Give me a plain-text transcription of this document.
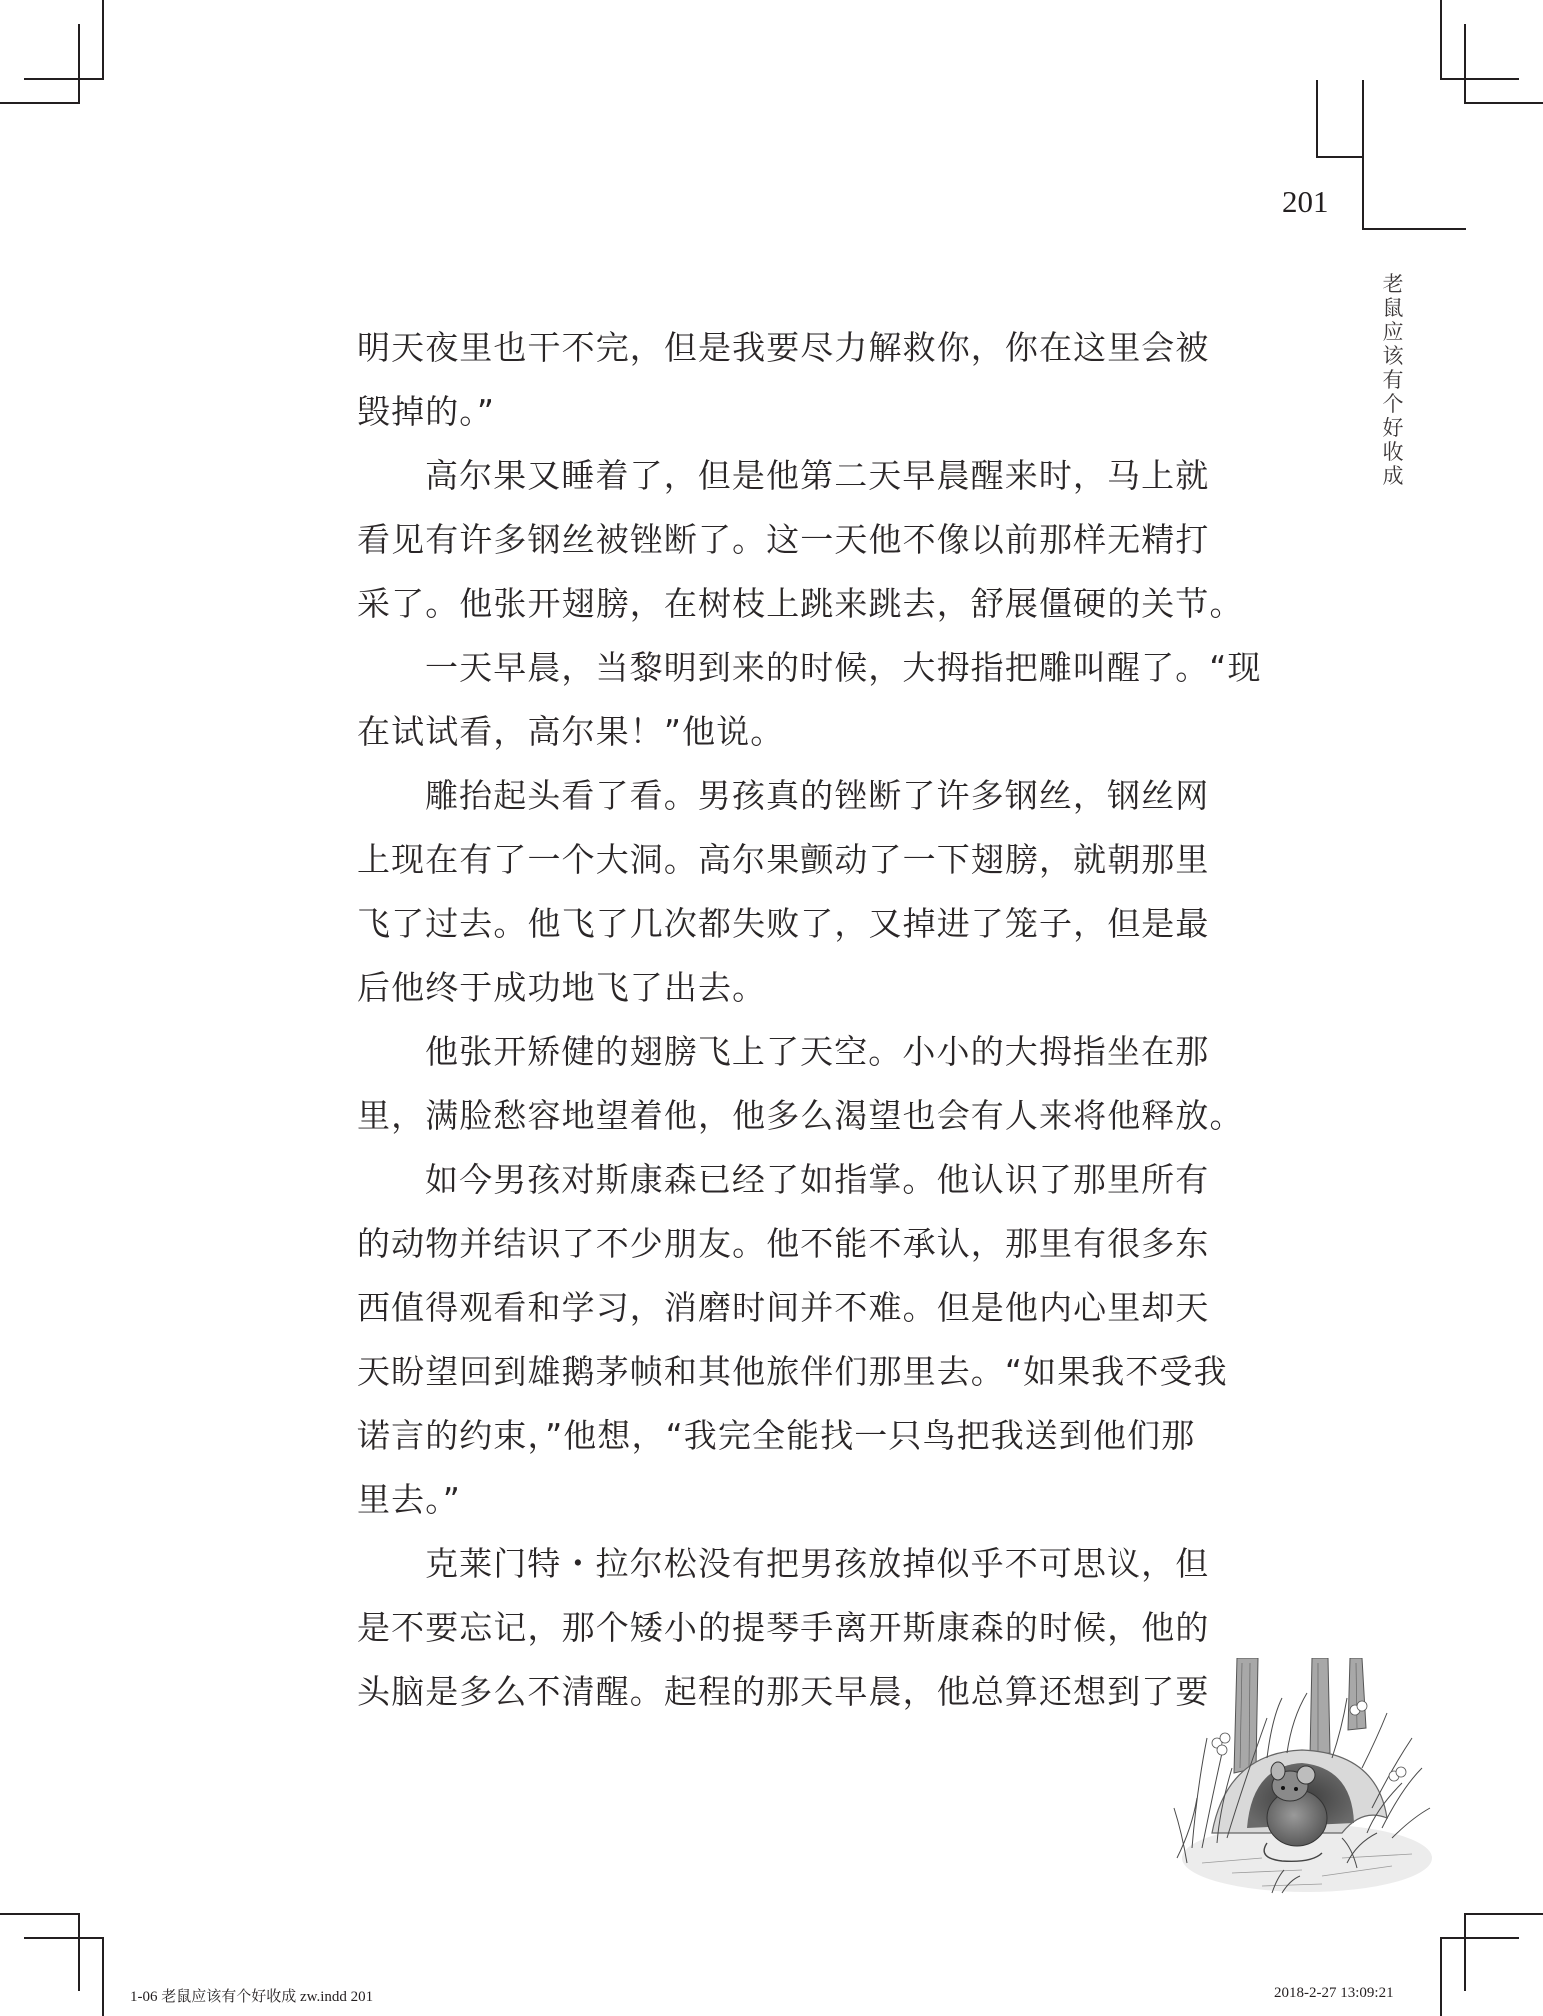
201
老鼠应该有个好收成
明天夜里也干不完，但是我要尽力解救你，你在这里会被
毁掉的。”
高尔果又睡着了，但是他第二天早晨醒来时，马上就
看见有许多钢丝被锉断了。这一天他不像以前那样无精打
采了。他张开翅膀，在树枝上跳来跳去，舒展僵硬的关节。
一天早晨，当黎明到来的时候，大拇指把雕叫醒了。“现
在试试看，高尔果！”他说。
雕抬起头看了看。男孩真的锉断了许多钢丝，钢丝网
上现在有了一个大洞。高尔果颤动了一下翅膀，就朝那里
飞了过去。他飞了几次都失败了，又掉进了笼子，但是最
后他终于成功地飞了出去。
他张开矫健的翅膀飞上了天空。小小的大拇指坐在那
里，满脸愁容地望着他，他多么渴望也会有人来将他释放。
如今男孩对斯康森已经了如指掌。他认识了那里所有
的动物并结识了不少朋友。他不能不承认，那里有很多东
西值得观看和学习，消磨时间并不难。但是他内心里却天
天盼望回到雄鹅茅帧和其他旅伴们那里去。“如果我不受我
诺言的约束，”他想，“我完全能找一只鸟把我送到他们那
里去。”
克莱门特・拉尔松没有把男孩放掉似乎不可思议，但
是不要忘记，那个矮小的提琴手离开斯康森的时候，他的
头脑是多么不清醒。起程的那天早晨，他总算还想到了要
1-06 老鼠应该有个好收成 zw.indd 201	2018-2-27 13:09:21
